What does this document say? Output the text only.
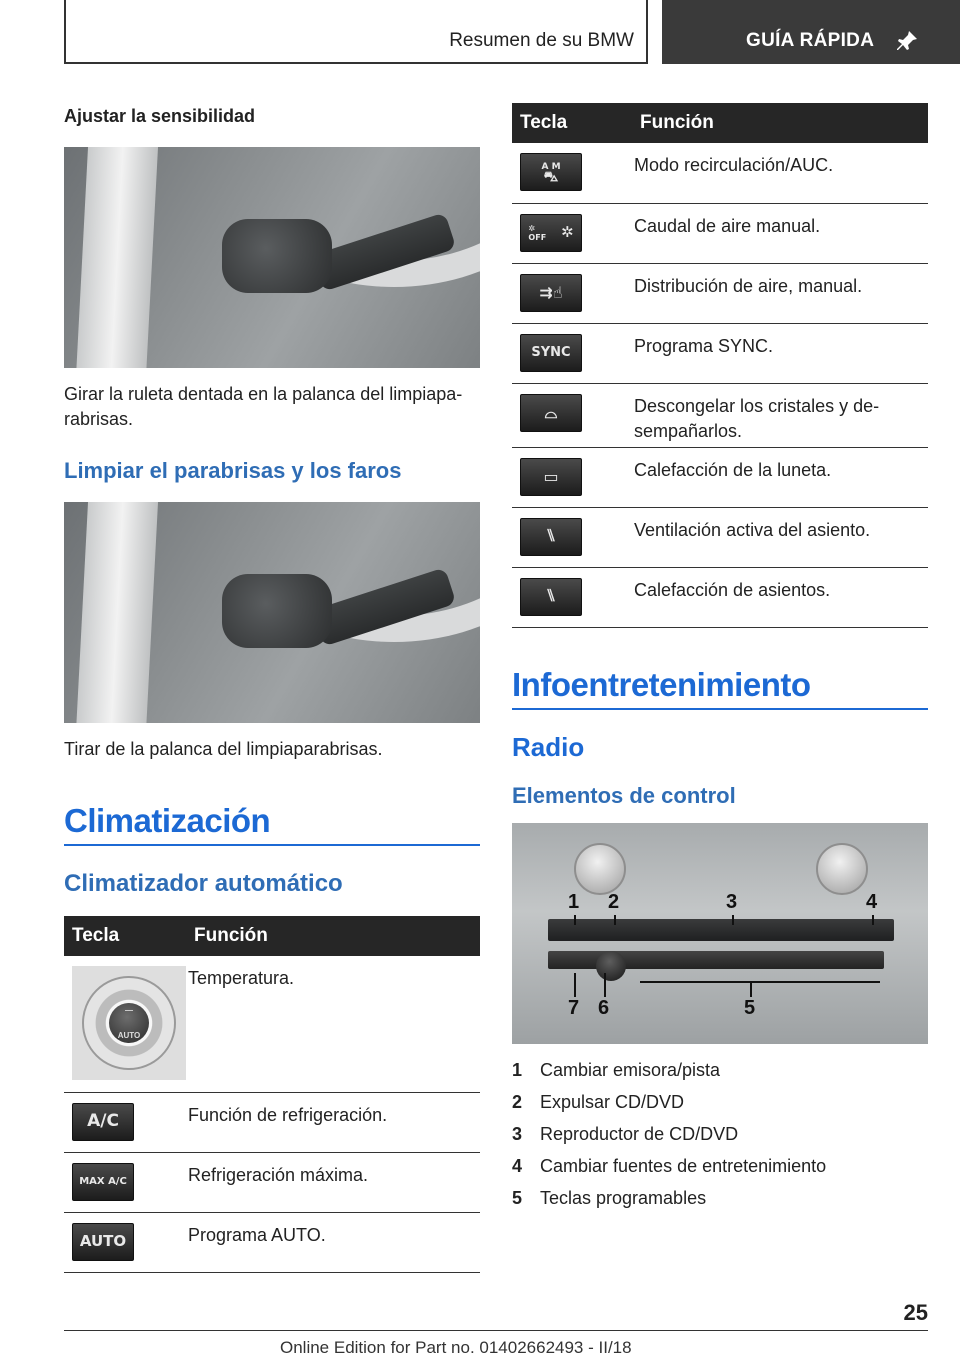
Resumen de su BMW	GUÍA RÁPIDA
Ajustar la sensibilidad
Girar la ruleta dentada en la palanca del limpiaparabrisas.
Limpiar el parabrisas y los faros
Tirar de la palanca del limpiaparabrisas.
Climatización
Climatizador automático
Tecla	Función

—
AUTO	Temperatura.

A/C	Función de refrigeración.

MAX A/C	Refrigeración máxima.

AUTO	Programa AUTO.
Tecla	Función

A M
⛍	Modo recirculación/AUC.

✲
OFF ✲	Caudal de aire manual.

⇉☝	Distribución de aire, manual.

SYNC	Programa SYNC.

⌓	Descongelar los cristales y desempañarlos.

▭	Calefacción de la luneta.

⑊	Ventilación activa del asiento.

⑊	Calefacción de asientos.
Infoentretenimiento
Radio
Elementos de control
1 2	3	4
5
6
7
1 Cambiar emisora/pista
2 Expulsar CD/DVD
3 Reproductor de CD/DVD
4 Cambiar fuentes de entretenimiento
5 Teclas programables
25
Online Edition for Part no. 01402662493 - II/18
